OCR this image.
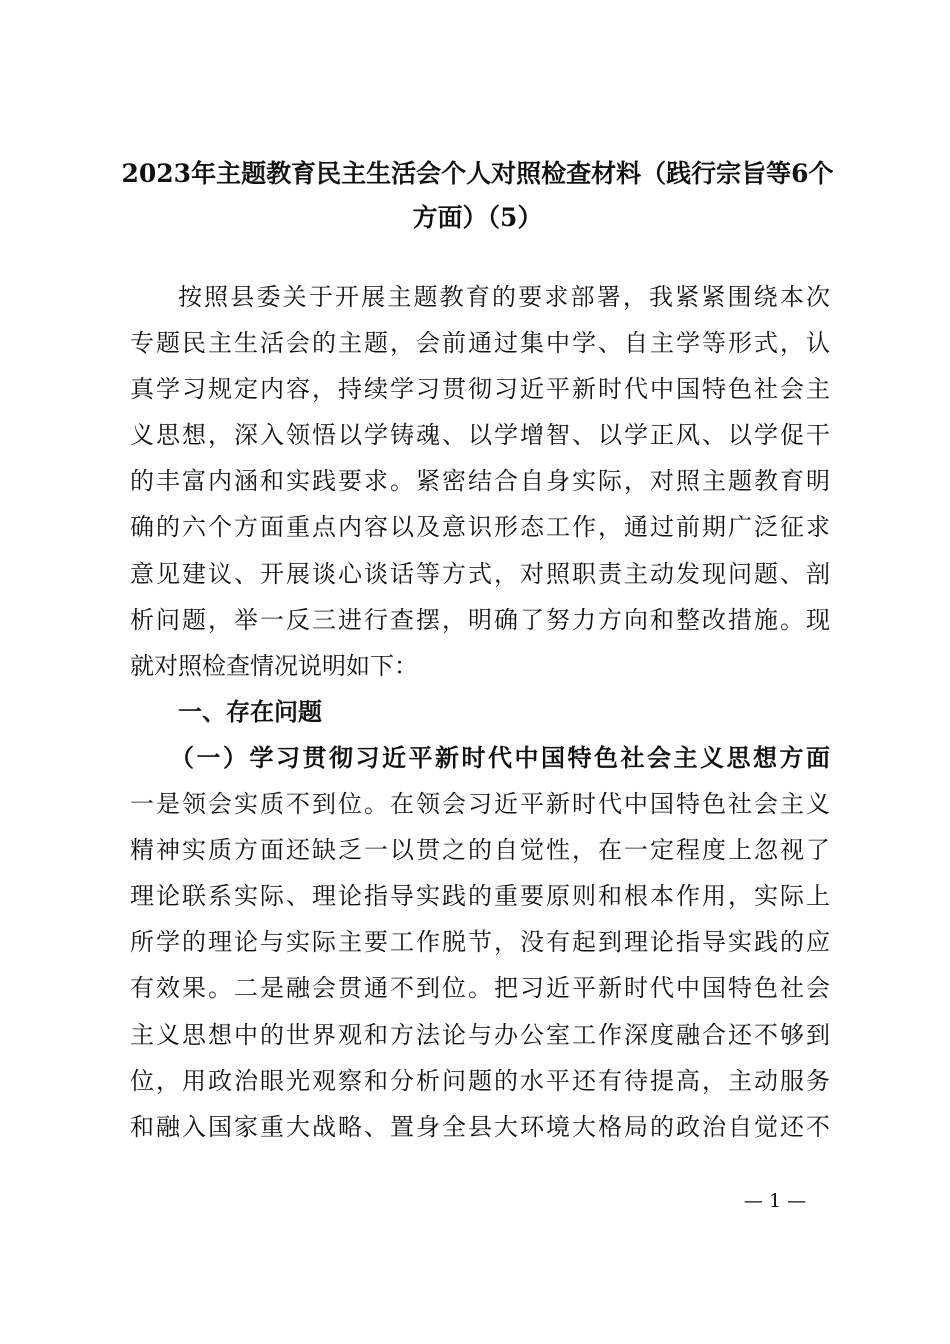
2023年主题教育民主生活会个人对照检查材料（践行宗旨等6个
方面）（5）
按照县委关于开展主题教育的要求部署，我紧紧围绕本次
专题民主生活会的主题，会前通过集中学、自主学等形式，认
真学习规定内容，持续学习贯彻习近平新时代中国特色社会主
义思想，深入领悟以学铸魂、以学增智、以学正风、以学促干
的丰富内涵和实践要求。紧密结合自身实际，对照主题教育明
确的六个方面重点内容以及意识形态工作，通过前期广泛征求
意见建议、开展谈心谈话等方式，对照职责主动发现问题、剖
析问题，举一反三进行查摆，明确了努力方向和整改措施。现
就对照检查情况说明如下：
一、存在问题
（一）学习贯彻习近平新时代中国特色社会主义思想方面
一是领会实质不到位。在领会习近平新时代中国特色社会主义
精神实质方面还缺乏一以贯之的自觉性，在一定程度上忽视了
理论联系实际、理论指导实践的重要原则和根本作用，实际上
所学的理论与实际主要工作脱节，没有起到理论指导实践的应
有效果。二是融会贯通不到位。把习近平新时代中国特色社会
主义思想中的世界观和方法论与办公室工作深度融合还不够到
位，用政治眼光观察和分析问题的水平还有待提高，主动服务
和融入国家重大战略、置身全县大环境大格局的政治自觉还不
— 1 —
